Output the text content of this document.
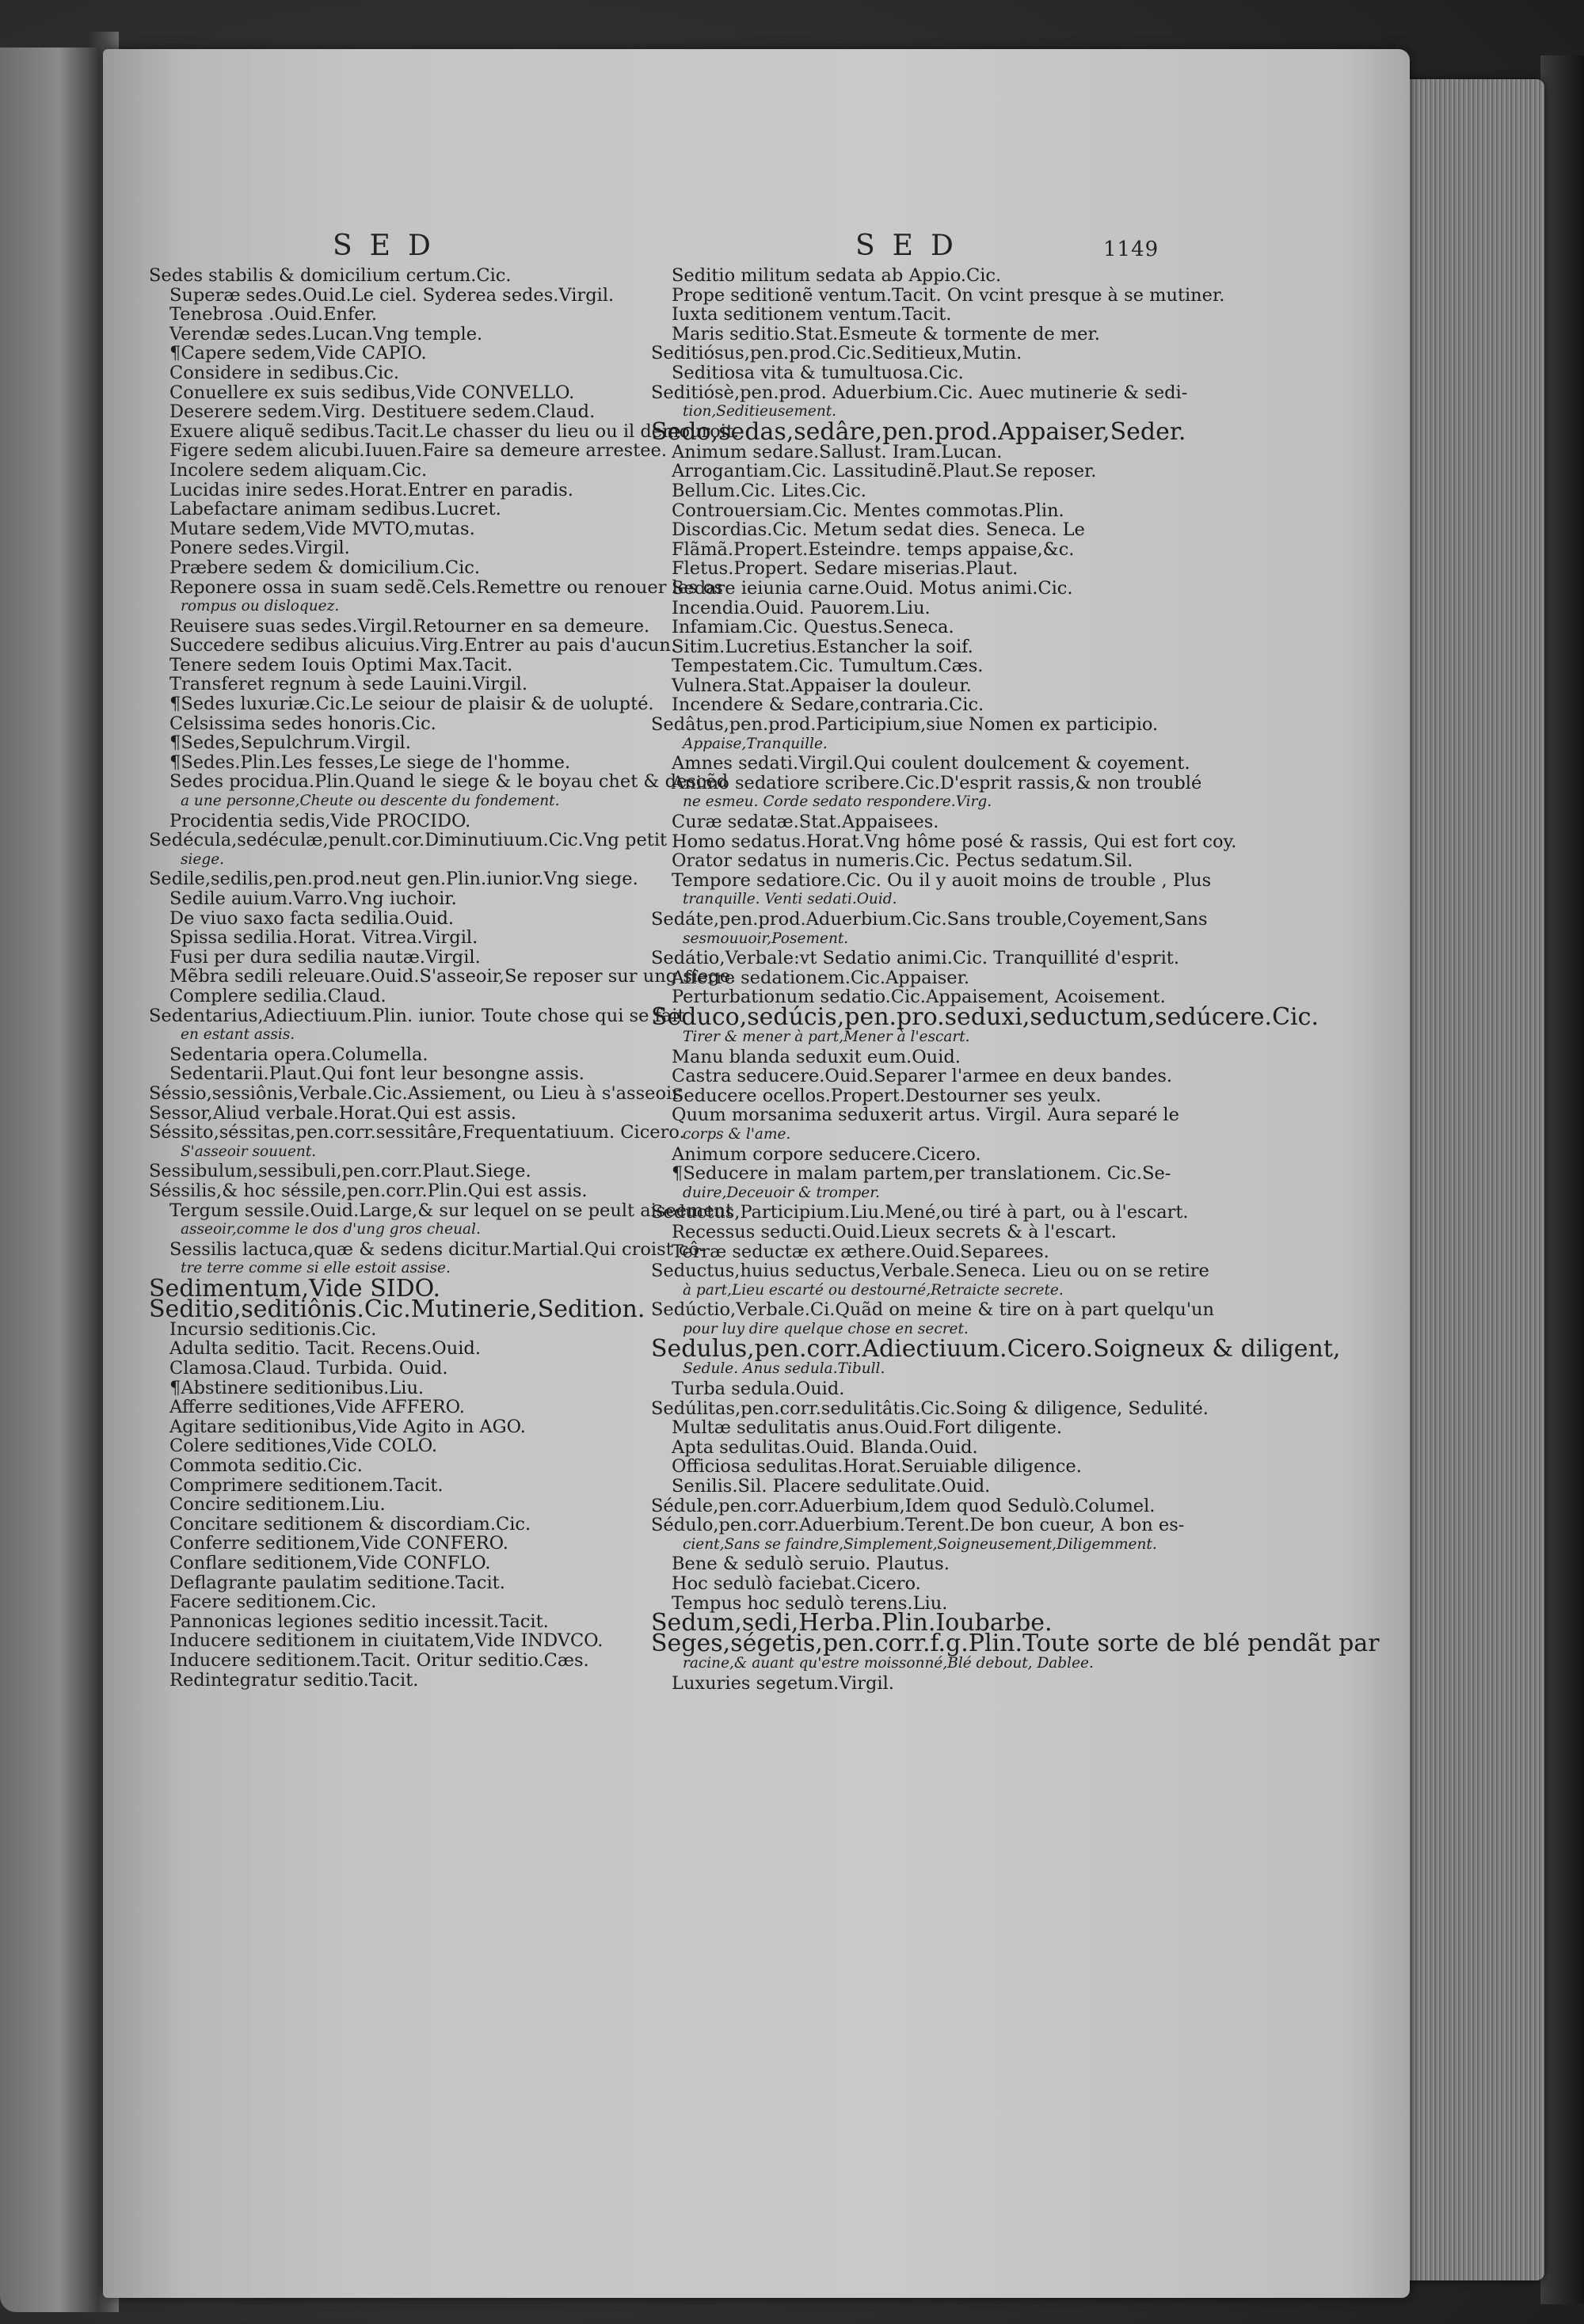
SED	SED	1149
Sedes stabilis & domicilium certum.Cic.
Superæ sedes.Ouid.Le ciel. Syderea sedes.Virgil.
Tenebrosa .Ouid.Enfer.
Verendæ sedes.Lucan.Vng temple.
¶Capere sedem,Vide CAPIO.
Considere in sedibus.Cic.
Conuellere ex suis sedibus,Vide CONVELLO.
Deserere sedem.Virg. Destituere sedem.Claud.
Exuere aliquẽ sedibus.Tacit.Le chasser du lieu ou il demouroit.
Figere sedem alicubi.Iuuen.Faire sa demeure arrestee.
Incolere sedem aliquam.Cic.
Lucidas inire sedes.Horat.Entrer en paradis.
Labefactare animam sedibus.Lucret.
Mutare sedem,Vide MVTO,mutas.
Ponere sedes.Virgil.
Præbere sedem & domicilium.Cic.
Reponere ossa in suam sedẽ.Cels.Remettre ou renouer les os
rompus ou disloquez.
Reuisere suas sedes.Virgil.Retourner en sa demeure.
Succedere sedibus alicuius.Virg.Entrer au pais d'aucun.
Tenere sedem Iouis Optimi Max.Tacit.
Transferet regnum à sede Lauini.Virgil.
¶Sedes luxuriæ.Cic.Le seiour de plaisir & de uolupté.
Celsissima sedes honoris.Cic.
¶Sedes,Sepulchrum.Virgil.
¶Sedes.Plin.Les fesses,Le siege de l'homme.
Sedes procidua.Plin.Quand le siege & le boyau chet & descẽd
a une personne,Cheute ou descente du fondement.
Procidentia sedis,Vide PROCIDO.
Sedécula,sedéculæ,penult.cor.Diminutiuum.Cic.Vng petit
siege.
Sedile,sedilis,pen.prod.neut gen.Plin.iunior.Vng siege.
Sedile auium.Varro.Vng iuchoir.
De viuo saxo facta sedilia.Ouid.
Spissa sedilia.Horat. Vitrea.Virgil.
Fusi per dura sedilia nautæ.Virgil.
Mẽbra sedili releuare.Ouid.S'asseoir,Se reposer sur ung siege.
Complere sedilia.Claud.
Sedentarius,Adiectiuum.Plin. iunior. Toute chose qui se fait
en estant assis.
Sedentaria opera.Columella.
Sedentarii.Plaut.Qui font leur besongne assis.
Séssio,sessiônis,Verbale.Cic.Assiement, ou Lieu à s'asseoir.
Sessor,Aliud verbale.Horat.Qui est assis.
Séssito,séssitas,pen.corr.sessitâre,Frequentatiuum. Cicero.
S'asseoir souuent.
Sessibulum,sessibuli,pen.corr.Plaut.Siege.
Séssilis,& hoc séssile,pen.corr.Plin.Qui est assis.
Tergum sessile.Ouid.Large,& sur lequel on se peult aiseement
asseoir,comme le dos d'ung gros cheual.
Sessilis lactuca,quæ & sedens dicitur.Martial.Qui croist cô-
tre terre comme si elle estoit assise.
Sedimentum,Vide SIDO.
Seditio,seditiônis.Cic.Mutinerie,Sedition.
Incursio seditionis.Cic.
Adulta seditio. Tacit. Recens.Ouid.
Clamosa.Claud. Turbida. Ouid.
¶Abstinere seditionibus.Liu.
Afferre seditiones,Vide AFFERO.
Agitare seditionibus,Vide Agito in AGO.
Colere seditiones,Vide COLO.
Commota seditio.Cic.
Comprimere seditionem.Tacit.
Concire seditionem.Liu.
Concitare seditionem & discordiam.Cic.
Conferre seditionem,Vide CONFERO.
Conflare seditionem,Vide CONFLO.
Deflagrante paulatim seditione.Tacit.
Facere seditionem.Cic.
Pannonicas legiones seditio incessit.Tacit.
Inducere seditionem in ciuitatem,Vide INDVCO.
Inducere seditionem.Tacit. Oritur seditio.Cæs.
Redintegratur seditio.Tacit.
Seditio militum sedata ab Appio.Cic.
Prope seditionẽ ventum.Tacit. On vcint presque à se mutiner.
Iuxta seditionem ventum.Tacit.
Maris seditio.Stat.Esmeute & tormente de mer.
Seditiósus,pen.prod.Cic.Seditieux,Mutin.
Seditiosa vita & tumultuosa.Cic.
Seditiósè,pen.prod. Aduerbium.Cic. Auec mutinerie & sedi-
tion,Seditieusement.
Sedo,sedas,sedâre,pen.prod.Appaiser,Seder.
Animum sedare.Sallust. Iram.Lucan.
Arrogantiam.Cic. Lassitudinẽ.Plaut.Se reposer.
Bellum.Cic. Lites.Cic.
Controuersiam.Cic. Mentes commotas.Plin.
Discordias.Cic. Metum sedat dies. Seneca. Le
Flãmã.Propert.Esteindre. temps appaise,&c.
Fletus.Propert. Sedare miserias.Plaut.
Sedare ieiunia carne.Ouid. Motus animi.Cic.
Incendia.Ouid. Pauorem.Liu.
Infamiam.Cic. Questus.Seneca.
Sitim.Lucretius.Estancher la soif.
Tempestatem.Cic. Tumultum.Cæs.
Vulnera.Stat.Appaiser la douleur.
Incendere & Sedare,contraria.Cic.
Sedâtus,pen.prod.Participium,siue Nomen ex participio.
Appaise,Tranquille.
Amnes sedati.Virgil.Qui coulent doulcement & coyement.
Animo sedatiore scribere.Cic.D'esprit rassis,& non troublé
ne esmeu. Corde sedato respondere.Virg.
Curæ sedatæ.Stat.Appaisees.
Homo sedatus.Horat.Vng hôme posé & rassis, Qui est fort coy.
Orator sedatus in numeris.Cic. Pectus sedatum.Sil.
Tempore sedatiore.Cic. Ou il y auoit moins de trouble , Plus
tranquille. Venti sedati.Ouid.
Sedáte,pen.prod.Aduerbium.Cic.Sans trouble,Coyement,Sans
sesmouuoir,Posement.
Sedátio,Verbale:vt Sedatio animi.Cic. Tranquillité d'esprit.
Afferre sedationem.Cic.Appaiser.
Perturbationum sedatio.Cic.Appaisement, Acoisement.
Seduco,sedúcis,pen.pro.seduxi,seductum,sedúcere.Cic.
Tirer & mener à part,Mener à l'escart.
Manu blanda seduxit eum.Ouid.
Castra seducere.Ouid.Separer l'armee en deux bandes.
Seducere ocellos.Propert.Destourner ses yeulx.
Quum morsanima seduxerit artus. Virgil. Aura separé le
corps & l'ame.
Animum corpore seducere.Cicero.
¶Seducere in malam partem,per translationem. Cic.Se-
duire,Deceuoir & tromper.
Seductus,Participium.Liu.Mené,ou tiré à part, ou à l'escart.
Recessus seducti.Ouid.Lieux secrets & à l'escart.
Terræ seductæ ex æthere.Ouid.Separees.
Seductus,huius seductus,Verbale.Seneca. Lieu ou on se retire
à part,Lieu escarté ou destourné,Retraicte secrete.
Sedúctio,Verbale.Ci.Quãd on meine & tire on à part quelqu'un
pour luy dire quelque chose en secret.
Sedulus,pen.corr.Adiectiuum.Cicero.Soigneux & diligent,
Sedule. Anus sedula.Tibull.
Turba sedula.Ouid.
Sedúlitas,pen.corr.sedulitâtis.Cic.Soing & diligence, Sedulité.
Multæ sedulitatis anus.Ouid.Fort diligente.
Apta sedulitas.Ouid. Blanda.Ouid.
Officiosa sedulitas.Horat.Seruiable diligence.
Senilis.Sil. Placere sedulitate.Ouid.
Sédule,pen.corr.Aduerbium,Idem quod Sedulò.Columel.
Sédulo,pen.corr.Aduerbium.Terent.De bon cueur, A bon es-
cient,Sans se faindre,Simplement,Soigneusement,Diligemment.
Bene & sedulò seruio. Plautus.
Hoc sedulò faciebat.Cicero.
Tempus hoc sedulò terens.Liu.
Sedum,sedi,Herba.Plin.Ioubarbe.
Seges,ségetis,pen.corr.f.g.Plin.Toute sorte de blé pendãt par
racine,& auant qu'estre moissonné,Blé debout, Dablee.
Luxuries segetum.Virgil.
